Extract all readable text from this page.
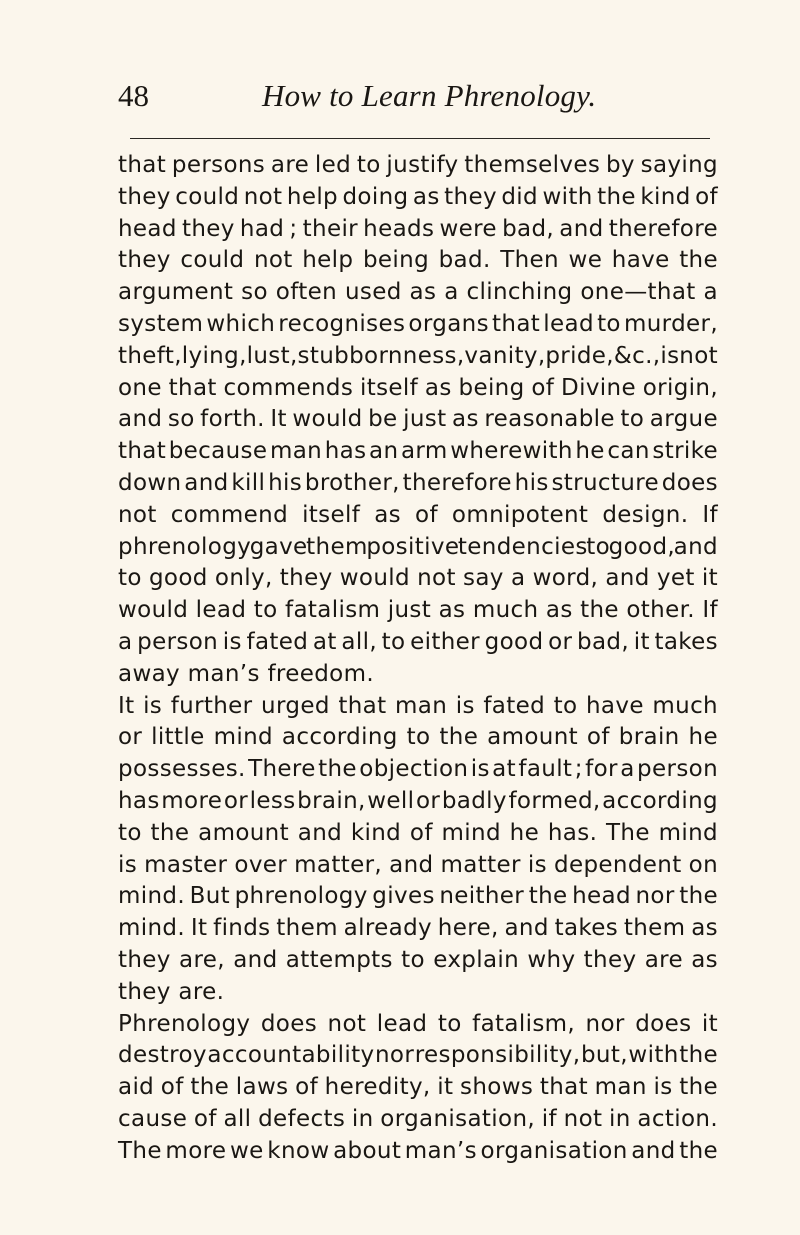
48	How to Learn Phrenology.
that persons are led to justify themselves by saying
they could not help doing as they did with the kind of
head they had ; their heads were bad, and therefore
they could not help being bad. Then we have the
argument so often used as a clinching one—that a
system which recognises organs that lead to murder,
theft, lying, lust, stubbornness, vanity, pride, &c., is not
one that commends itself as being of Divine origin,
and so forth. It would be just as reasonable to argue
that because man has an arm wherewith he can strike
down and kill his brother, therefore his structure does
not commend itself as of omnipotent design. If
phrenology gave them positive tendencies to good, and
to good only, they would not say a word, and yet it
would lead to fatalism just as much as the other. If
a person is fated at all, to either good or bad, it takes
away man’s freedom.
It is further urged that man is fated to have much
or little mind according to the amount of brain he
possesses. There the objection is at fault ; for a person
has more or less brain, well or badly formed, according
to the amount and kind of mind he has. The mind
is master over matter, and matter is dependent on
mind. But phrenology gives neither the head nor the
mind. It finds them already here, and takes them as
they are, and attempts to explain why they are as
they are.
Phrenology does not lead to fatalism, nor does it
destroy accountability nor responsibility, but, with the
aid of the laws of heredity, it shows that man is the
cause of all defects in organisation, if not in action.
The more we know about man’s organisation and the
